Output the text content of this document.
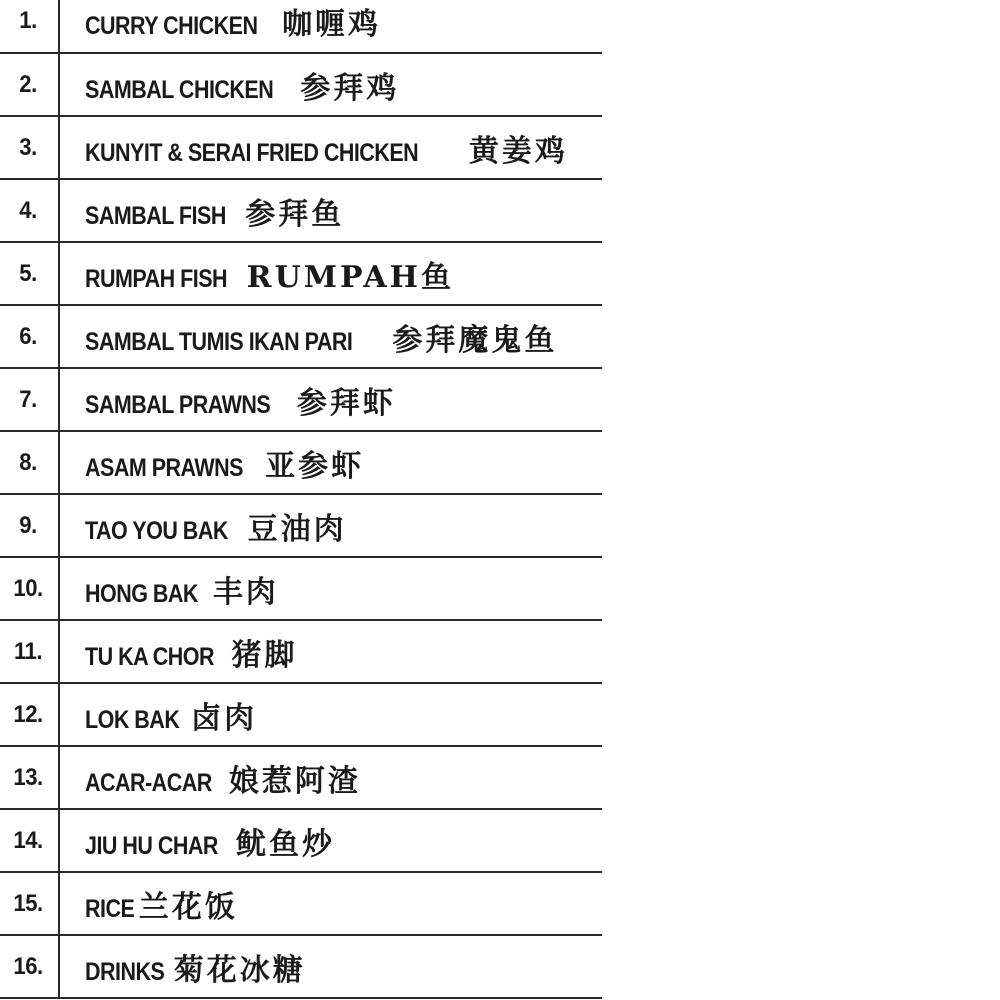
1.	CURRY CHICKEN咖喱鸡
2.	SAMBAL CHICKEN参拜鸡
3.	KUNYIT & SERAI FRIED CHICKEN黄姜鸡
4.	SAMBAL FISH参拜鱼
5.	RUMPAH FISHRUMPAH鱼
6.	SAMBAL TUMIS IKAN PARI参拜魔鬼鱼
7.	SAMBAL PRAWNS参拜虾
8.	ASAM PRAWNS 亚参虾
9.	TAO YOU BAK豆油肉
10.	HONG BAK丰肉
11.	TU KA CHOR猪脚
12.	LOK BAK 卤肉
13.	ACAR-ACAR娘惹阿渣
14.	JIU HU CHAR 鱿鱼炒
15.	RICE兰花饭
16.	DRINKS 菊花冰糖
